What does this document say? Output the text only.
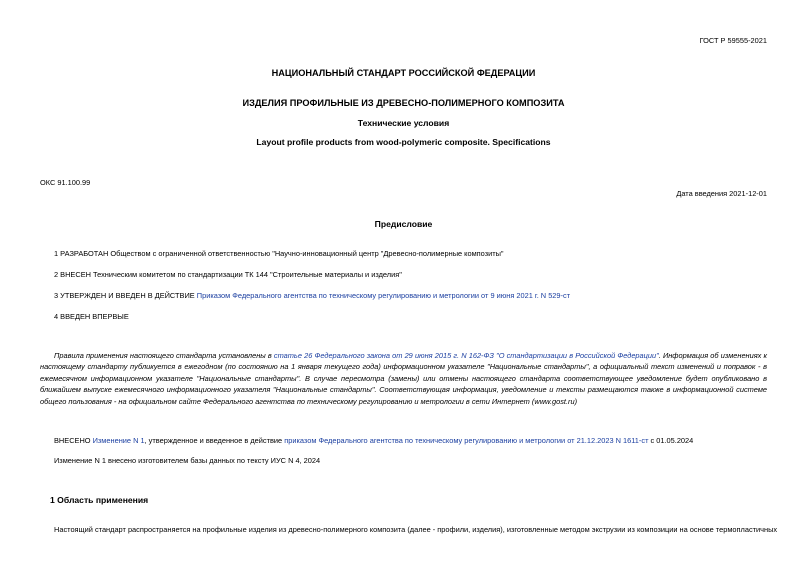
ГОСТ Р 59555-2021
НАЦИОНАЛЬНЫЙ СТАНДАРТ РОССИЙСКОЙ ФЕДЕРАЦИИ
ИЗДЕЛИЯ ПРОФИЛЬНЫЕ ИЗ ДРЕВЕСНО-ПОЛИМЕРНОГО КОМПОЗИТА
Технические условия
Layout profile products from wood-polymeric composite. Specifications
ОКС 91.100.99
Дата введения 2021-12-01
Предисловие
1 РАЗРАБОТАН Обществом с ограниченной ответственностью "Научно-инновационный центр "Древесно-полимерные композиты"
2 ВНЕСЕН Техническим комитетом по стандартизации ТК 144 "Строительные материалы и изделия"
3 УТВЕРЖДЕН И ВВЕДЕН В ДЕЙСТВИЕ Приказом Федерального агентства по техническому регулированию и метрологии от 9 июня 2021 г. N 529-ст
4 ВВЕДЕН ВПЕРВЫЕ
Правила применения настоящего стандарта установлены в статье 26 Федерального закона от 29 июня 2015 г. N 162-ФЗ "О стандартизации в Российской Федерации". Информация об изменениях к настоящему стандарту публикуется в ежегодном (по состоянию на 1 января текущего года) информационном указателе "Национальные стандарты", а официальный текст изменений и поправок - в ежемесячном информационном указателе "Национальные стандарты". В случае пересмотра (замены) или отмены настоящего стандарта соответствующее уведомление будет опубликовано в ближайшем выпуске ежемесячного информационного указателя "Национальные стандарты". Соответствующая информация, уведомление и тексты размещаются также в информационной системе общего пользования - на официальном сайте Федерального агентства по техническому регулированию и метрологии в сети Интернет (www.gost.ru)
ВНЕСЕНО Изменение N 1, утвержденное и введенное в действие приказом Федерального агентства по техническому регулированию и метрологии от 21.12.2023 N 1611-ст с 01.05.2024
Изменение N 1 внесено изготовителем базы данных по тексту ИУС N 4, 2024
1 Область применения
Настоящий стандарт распространяется на профильные изделия из древесно-полимерного композита (далее - профили, изделия), изготовленные методом экструзии из композиции на основе термопластичных
